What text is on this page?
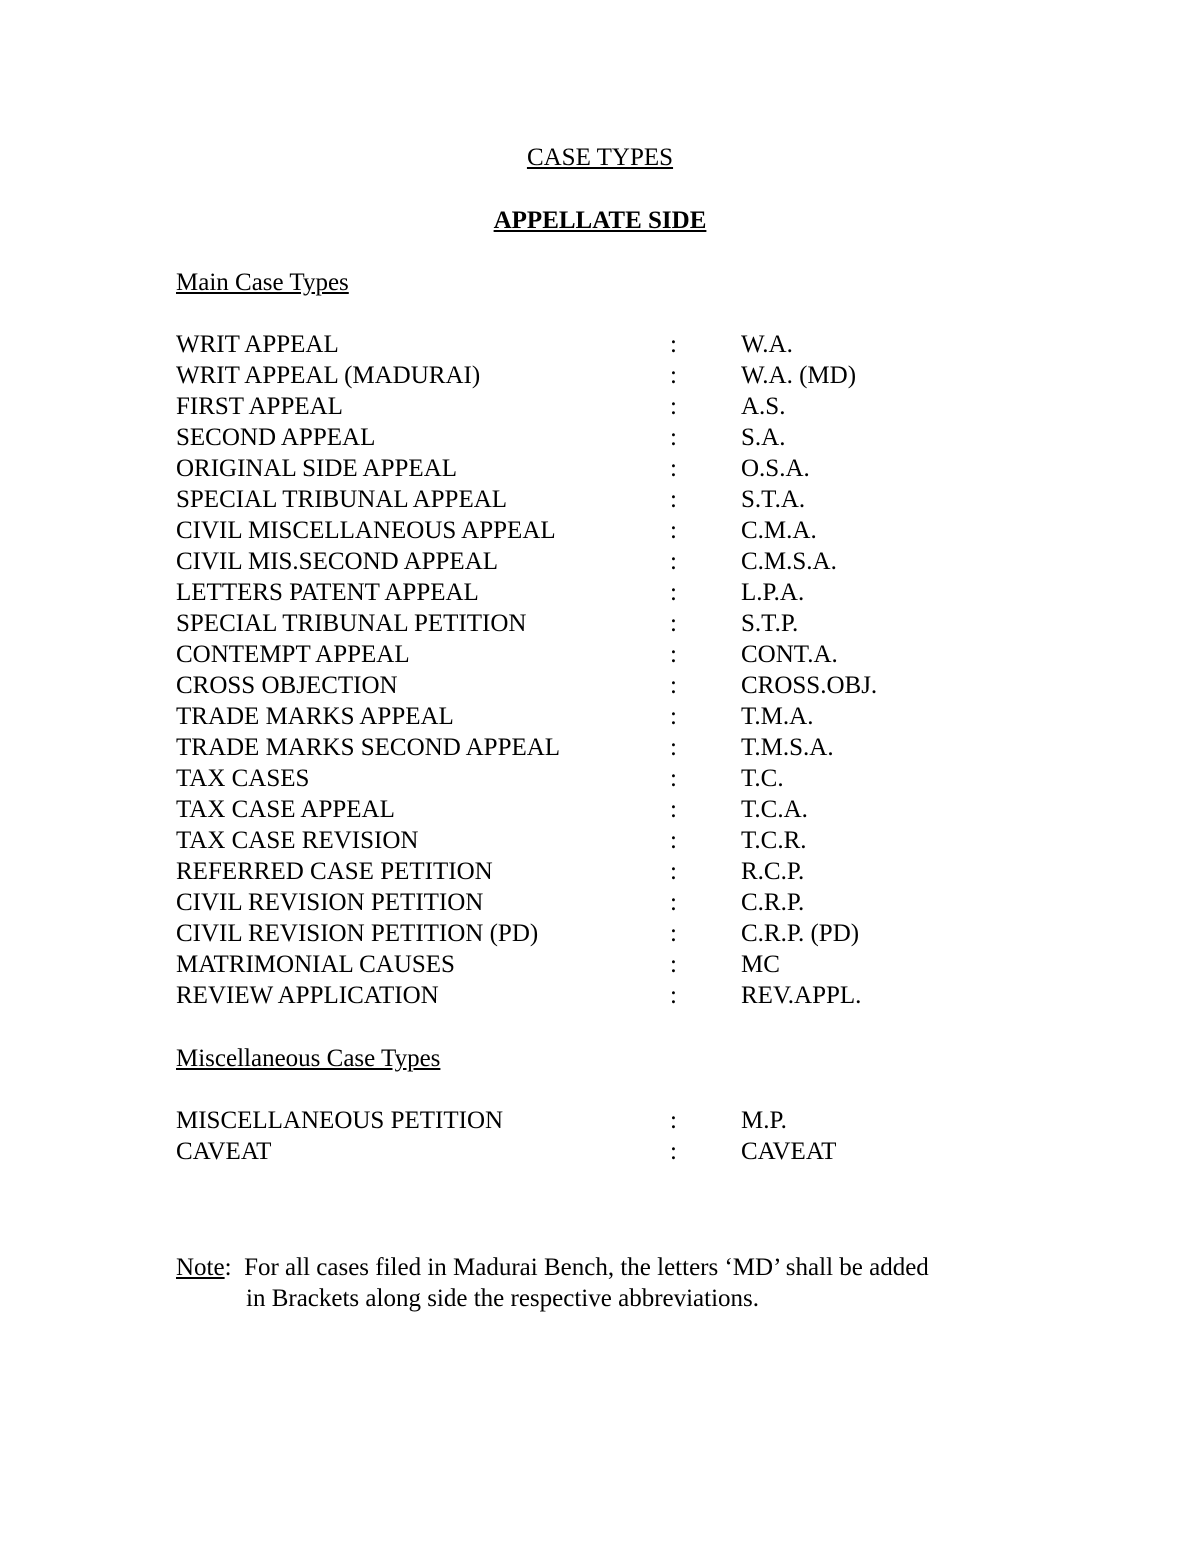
CASE TYPES
APPELLATE SIDE
Main Case Types
WRIT APPEAL	:	W.A.
WRIT APPEAL (MADURAI)	:	W.A. (MD)
FIRST APPEAL	:	A.S.
SECOND APPEAL	:	S.A.
ORIGINAL SIDE APPEAL	:	O.S.A.
SPECIAL TRIBUNAL APPEAL	:	S.T.A.
CIVIL MISCELLANEOUS APPEAL	:	C.M.A.
CIVIL MIS.SECOND APPEAL	:	C.M.S.A.
LETTERS PATENT APPEAL	:	L.P.A.
SPECIAL TRIBUNAL PETITION	:	S.T.P.
CONTEMPT APPEAL	:	CONT.A.
CROSS OBJECTION	:	CROSS.OBJ.
TRADE MARKS APPEAL	:	T.M.A.
TRADE MARKS SECOND APPEAL	:	T.M.S.A.
TAX CASES	:	T.C.
TAX CASE APPEAL	:	T.C.A.
TAX CASE REVISION	:	T.C.R.
REFERRED CASE PETITION	:	R.C.P.
CIVIL REVISION PETITION	:	C.R.P.
CIVIL REVISION PETITION (PD)	:	C.R.P. (PD)
MATRIMONIAL CAUSES	:	MC
REVIEW APPLICATION	:	REV.APPL.
Miscellaneous Case Types
MISCELLANEOUS PETITION	:	M.P.
CAVEAT	:	CAVEAT
Note: For all cases filed in Madurai Bench, the letters ‘MD’ shall be added
in Brackets along side the respective abbreviations.
